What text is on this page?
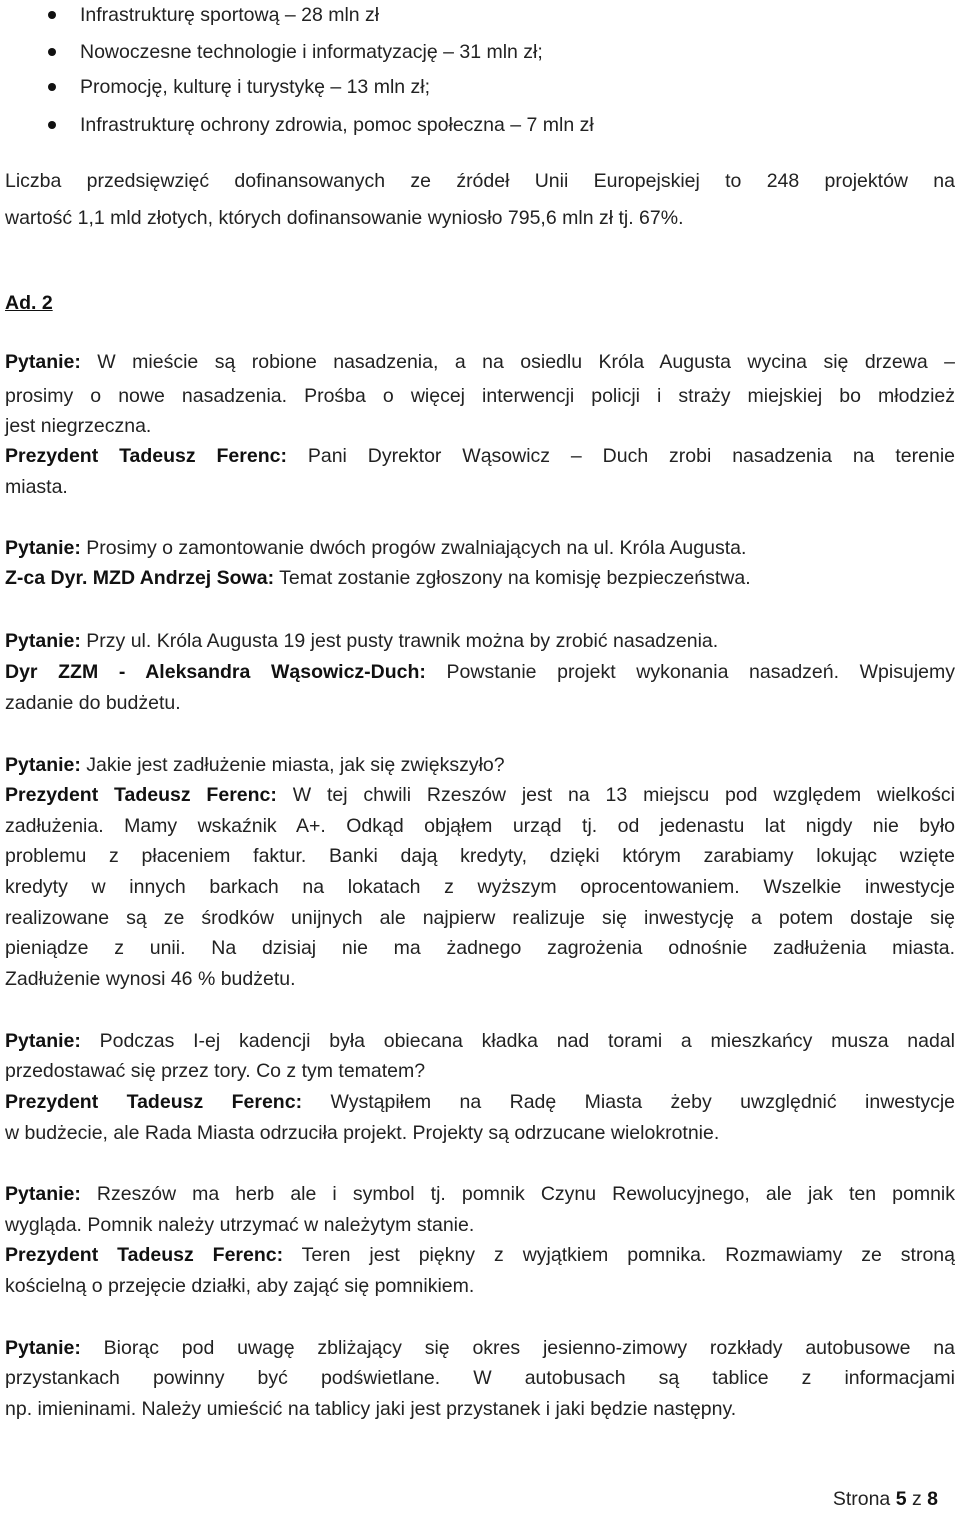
Infrastrukturę sportową – 28 mln zł
Nowoczesne technologie i informatyzację – 31 mln zł;
Promocję, kulturę i turystykę – 13 mln zł;
Infrastrukturę ochrony zdrowia, pomoc społeczna – 7 mln zł
Liczba przedsięwzięć dofinansowanych ze źródeł Unii Europejskiej to 248 projektów na
wartość 1,1 mld złotych, których dofinansowanie wyniosło 795,6 mln zł tj. 67%.
Ad. 2
Pytanie: W mieście są robione nasadzenia, a na osiedlu Króla Augusta wycina się drzewa –
prosimy o nowe nasadzenia. Prośba o więcej interwencji policji i straży miejskiej bo młodzież
jest niegrzeczna.
Prezydent Tadeusz Ferenc: Pani Dyrektor Wąsowicz – Duch zrobi nasadzenia na terenie
miasta.
Pytanie: Prosimy o zamontowanie dwóch progów zwalniających na ul. Króla Augusta.
Z-ca Dyr. MZD Andrzej Sowa: Temat zostanie zgłoszony na komisję bezpieczeństwa.
Pytanie: Przy ul. Króla Augusta 19 jest pusty trawnik można by zrobić nasadzenia.
Dyr ZZM - Aleksandra Wąsowicz-Duch: Powstanie projekt wykonania nasadzeń. Wpisujemy
zadanie do budżetu.
Pytanie: Jakie jest zadłużenie miasta, jak się zwiększyło?
Prezydent Tadeusz Ferenc: W tej chwili Rzeszów jest na 13 miejscu pod względem wielkości
zadłużenia. Mamy wskaźnik A+. Odkąd objąłem urząd tj. od jedenastu lat nigdy nie było
problemu z płaceniem faktur. Banki dają kredyty, dzięki którym zarabiamy lokując wzięte
kredyty w innych barkach na lokatach z wyższym oprocentowaniem. Wszelkie inwestycje
realizowane są ze środków unijnych ale najpierw realizuje się inwestycję a potem dostaje się
pieniądze z unii. Na dzisiaj nie ma żadnego zagrożenia odnośnie zadłużenia miasta.
Zadłużenie wynosi 46 % budżetu.
Pytanie: Podczas I-ej kadencji była obiecana kładka nad torami a mieszkańcy musza nadal
przedostawać się przez tory. Co z tym tematem?
Prezydent Tadeusz Ferenc: Wystąpiłem na Radę Miasta żeby uwzględnić inwestycje
w budżecie, ale Rada Miasta odrzuciła projekt. Projekty są odrzucane wielokrotnie.
Pytanie: Rzeszów ma herb ale i symbol tj. pomnik Czynu Rewolucyjnego, ale jak ten pomnik
wygląda. Pomnik należy utrzymać w należytym stanie.
Prezydent Tadeusz Ferenc: Teren jest piękny z wyjątkiem pomnika. Rozmawiamy ze stroną
kościelną o przejęcie działki, aby zająć się pomnikiem.
Pytanie: Biorąc pod uwagę zbliżający się okres jesienno-zimowy rozkłady autobusowe na
przystankach powinny być podświetlane. W autobusach są tablice z informacjami
np. imieninami. Należy umieścić na tablicy jaki jest przystanek i jaki będzie następny.
Strona 5 z 8
